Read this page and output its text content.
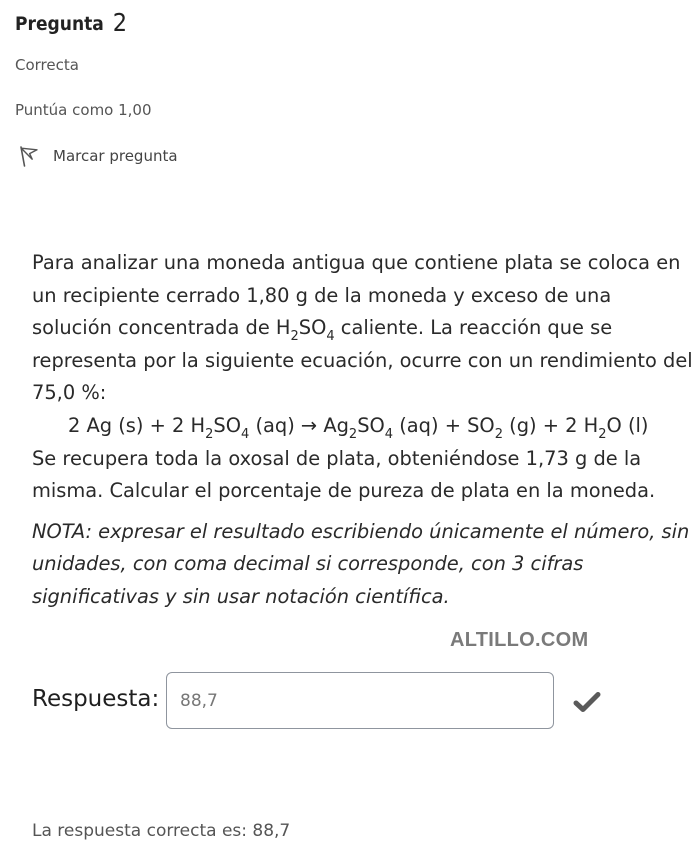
Pregunta 2
Correcta
Puntúa como 1,00
Marcar pregunta

Para analizar una moneda antigua que contiene plata se coloca en un recipiente cerrado 1,80 g de la moneda y exceso de una solución concentrada de $H_2SO_4$ caliente. La reacción que se representa por la siguiente ecuación, ocurre con un rendimiento del 75,0 %:

2 Ag (s) + 2 $H_2SO_4$ $(aq) \to Ag_2SO_4$ $(aq) + SO_2$ (g) + 2 $H_2O$ (l)

Se recupera toda la oxosal de plata, obteniéndose 1,73 g de la misma. Calcular el porcentaje de pureza de plata en la moneda.

NOTA: expresar el resultado escribiendo únicamente el número, sin unidades, con coma decimal si corresponde, con 3 cifras significativas y sin usar notación científica.

ALTILLO.COM
Respuesta:
88,7
La respuesta correcta es: 88,7
